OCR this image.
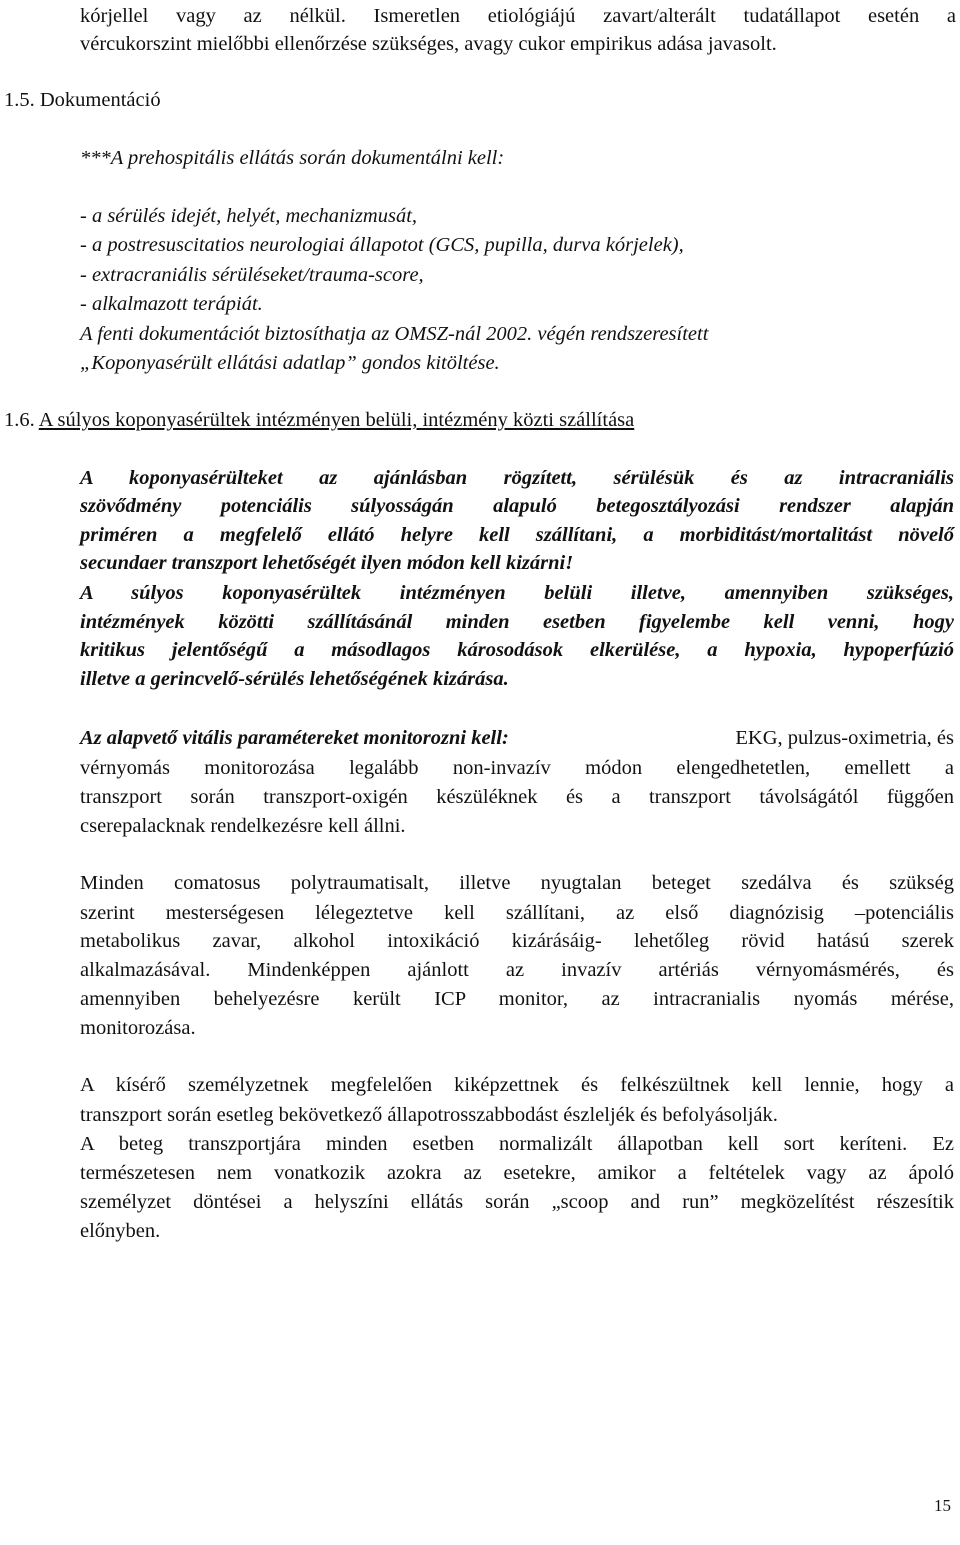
kórjellel vagy az nélkül. Ismeretlen etiológiájú zavart/alterált tudatállapot esetén a
vércukorszint mielőbbi ellenőrzése szükséges, avagy cukor empirikus adása javasolt.
1.5. Dokumentáció
***A prehospitális ellátás során dokumentálni kell:
- a sérülés idejét, helyét, mechanizmusát,
- a postresuscitatios neurologiai állapotot (GCS, pupilla, durva kórjelek),
- extracraniális sérüléseket/trauma-score,
- alkalmazott terápiát.
A fenti dokumentációt biztosíthatja az OMSZ-nál 2002. végén rendszeresített
„Koponyasérült ellátási adatlap” gondos kitöltése.
1.6. A súlyos koponyasérültek intézményen belüli, intézmény közti szállítása
A koponyasérülteket az ajánlásban rögzített, sérülésük és az intracraniális
szövődmény potenciális súlyosságán alapuló betegosztályozási rendszer alapján
priméren a megfelelő ellátó helyre kell szállítani, a morbiditást/mortalitást növelő
secundaer transzport lehetőségét ilyen módon kell kizárni!
A súlyos koponyasérültek intézményen belüli illetve, amennyiben szükséges,
intézmények közötti szállításánál minden esetben figyelembe kell venni, hogy
kritikus jelentőségű a másodlagos károsodások elkerülése, a hypoxia, hypoperfúzió
illetve a gerincvelő-sérülés lehetőségének kizárása.
Az alapvető vitális paramétereket monitorozni kell:	EKG, pulzus-oximetria, és
vérnyomás monitorozása legalább non-invazív módon elengedhetetlen, emellett a
transzport során transzport-oxigén készüléknek és a transzport távolságától függően
cserepalacknak rendelkezésre kell állni.
Minden comatosus polytraumatisalt, illetve nyugtalan beteget szedálva és szükség
szerint mesterségesen lélegeztetve kell szállítani, az első diagnózisig –potenciális
metabolikus zavar, alkohol intoxikáció kizárásáig- lehetőleg rövid hatású szerek
alkalmazásával. Mindenképpen ajánlott az invazív artériás vérnyomásmérés, és
amennyiben behelyezésre került ICP monitor, az intracranialis nyomás mérése,
monitorozása.
A kísérő személyzetnek megfelelően kiképzettnek és felkészültnek kell lennie, hogy a
transzport során esetleg bekövetkező állapotrosszabbodást észleljék és befolyásolják.
A beteg transzportjára minden esetben normalizált állapotban kell sort keríteni. Ez
természetesen nem vonatkozik azokra az esetekre, amikor a feltételek vagy az ápoló
személyzet döntései a helyszíni ellátás során „scoop and run” megközelítést részesítik
előnyben.
15
